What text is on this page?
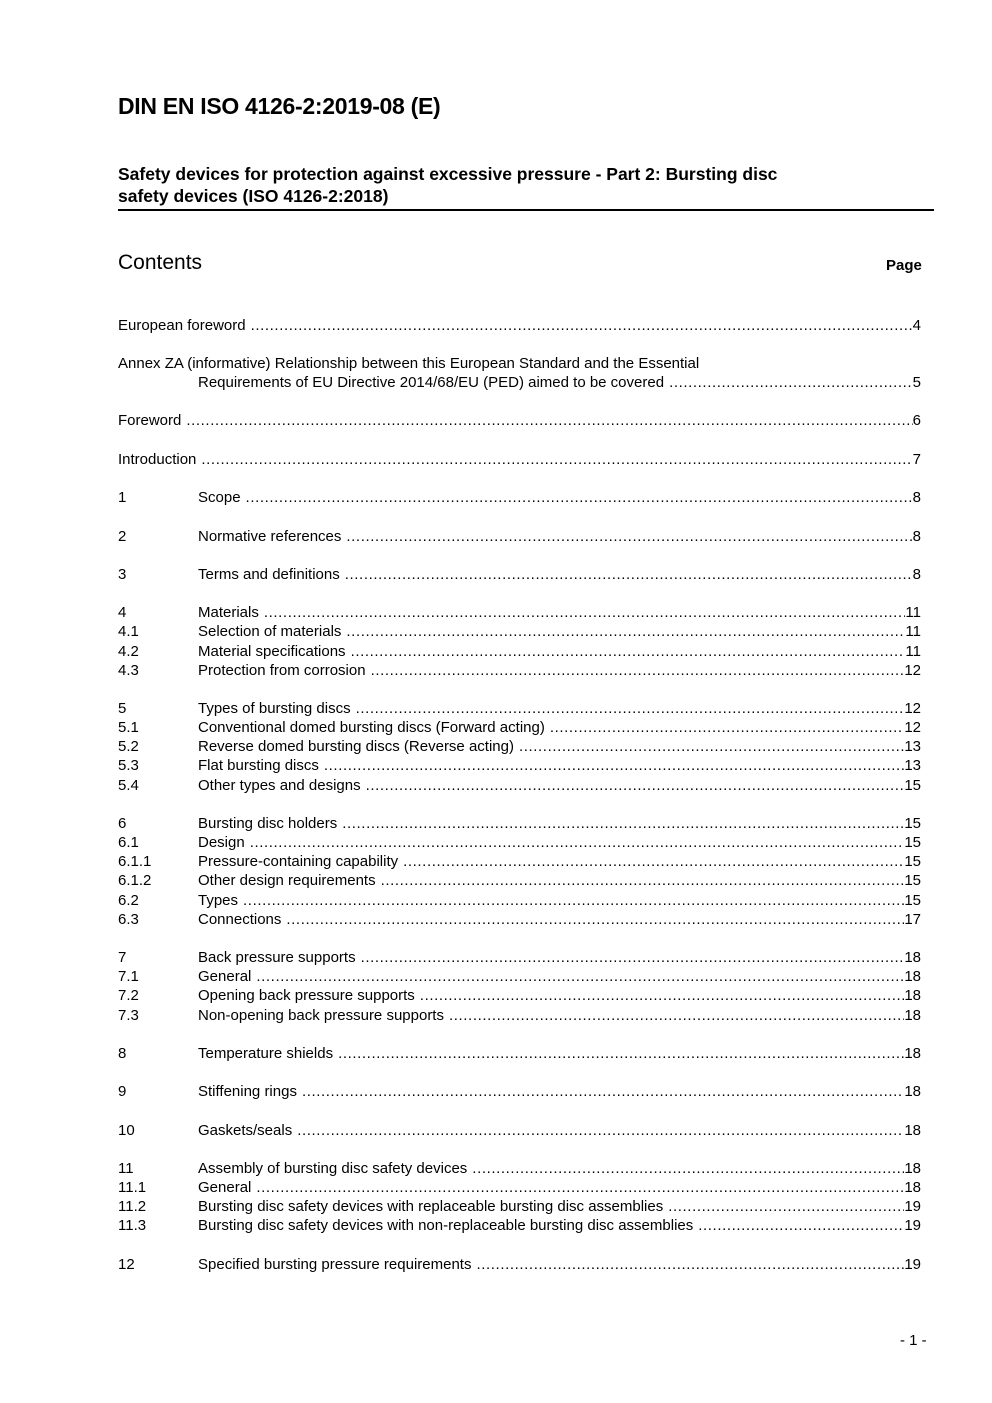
DIN EN ISO 4126-2:2019-08 (E)
Safety devices for protection against excessive pressure - Part 2: Bursting disc
safety devices (ISO 4126-2:2018)
Contents	Page
European foreword .....	4
Annex ZA (informative) Relationship between this European Standard and the Essential
Requirements of EU Directive 2014/68/EU (PED) aimed to be covered .....	5
Foreword .....	6
Introduction .....	7
1	Scope .....	8
2	Normative references .....	8
3	Terms and definitions .....	8
4	Materials .....	11
4.1	Selection of materials .....	11
4.2	Material specifications .....	11
4.3	Protection from corrosion .....	12
5	Types of bursting discs .....	12
5.1	Conventional domed bursting discs (Forward acting) .....	12
5.2	Reverse domed bursting discs (Reverse acting) .....	13
5.3	Flat bursting discs .....	13
5.4	Other types and designs .....	15
6	Bursting disc holders .....	15
6.1	Design .....	15
6.1.1	Pressure-containing capability .....	15
6.1.2	Other design requirements .....	15
6.2	Types .....	15
6.3	Connections .....	17
7	Back pressure supports .....	18
7.1	General .....	18
7.2	Opening back pressure supports .....	18
7.3	Non-opening back pressure supports .....	18
8	Temperature shields .....	18
9	Stiffening rings .....	18
10	Gaskets/seals .....	18
11	Assembly of bursting disc safety devices .....	18
11.1	General .....	18
11.2	Bursting disc safety devices with replaceable bursting disc assemblies .....	19
11.3	Bursting disc safety devices with non-replaceable bursting disc assemblies .....	19
12	Specified bursting pressure requirements .....	19
- 1 -
